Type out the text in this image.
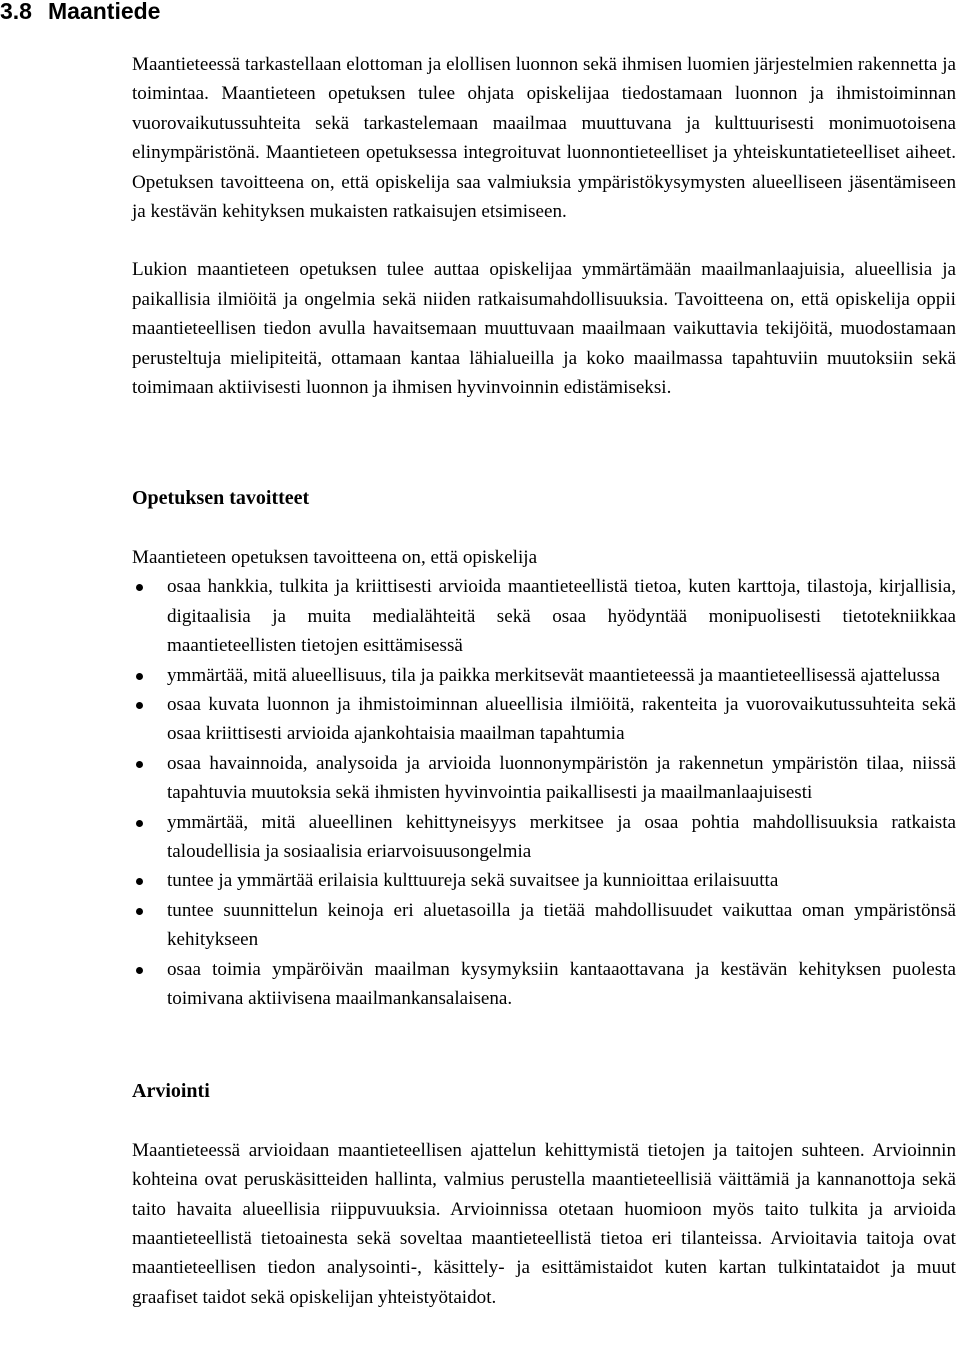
3.8 Maantiede

Maantieteessä tarkastellaan elottoman ja elollisen luonnon sekä ihmisen luomien järjestelmien rakennetta ja toimintaa. Maantieteen opetuksen tulee ohjata opiskelijaa tiedostamaan luonnon ja ihmistoiminnan vuorovaikutussuhteita sekä tarkastelemaan maailmaa muuttuvana ja kulttuurisesti monimuotoisena elinympäristönä. Maantieteen opetuksessa integroituvat luonnontieteelliset ja yhteiskuntatieteelliset aiheet. Opetuksen tavoitteena on, että opiskelija saa valmiuksia ympäristökysymysten alueelliseen jäsentämiseen ja kestävän kehityksen mukaisten ratkaisujen etsimiseen.

Lukion maantieteen opetuksen tulee auttaa opiskelijaa ymmärtämään maailmanlaajuisia, alueellisia ja paikallisia ilmiöitä ja ongelmia sekä niiden ratkaisumahdollisuuksia. Tavoitteena on, että opiskelija oppii maantieteellisen tiedon avulla havaitsemaan muuttuvaan maailmaan vaikuttavia tekijöitä, muodostamaan perusteltuja mielipiteitä, ottamaan kantaa lähialueilla ja koko maailmassa tapahtuviin muutoksiin sekä toimimaan aktiivisesti luonnon ja ihmisen hyvinvoinnin edistämiseksi.

Opetuksen tavoitteet

Maantieteen opetuksen tavoitteena on, että opiskelija

osaa hankkia, tulkita ja kriittisesti arvioida maantieteellistä tietoa, kuten karttoja, tilastoja, kirjallisia, digitaalisia ja muita medialähteitä sekä osaa hyödyntää monipuolisesti tietotekniikkaa maantieteellisten tietojen esittämisessä
ymmärtää, mitä alueellisuus, tila ja paikka merkitsevät maantieteessä ja maantieteellisessä ajattelussa
osaa kuvata luonnon ja ihmistoiminnan alueellisia ilmiöitä, rakenteita ja vuorovaikutussuhteita sekä osaa kriittisesti arvioida ajankohtaisia maailman tapahtumia
osaa havainnoida, analysoida ja arvioida luonnonympäristön ja rakennetun ympäristön tilaa, niissä tapahtuvia muutoksia sekä ihmisten hyvinvointia paikallisesti ja maailmanlaajuisesti
ymmärtää, mitä alueellinen kehittyneisyys merkitsee ja osaa pohtia mahdollisuuksia ratkaista taloudellisia ja sosiaalisia eriarvoisuusongelmia
tuntee ja ymmärtää erilaisia kulttuureja sekä suvaitsee ja kunnioittaa erilaisuutta
tuntee suunnittelun keinoja eri aluetasoilla ja tietää mahdollisuudet vaikuttaa oman ympäristönsä kehitykseen
osaa toimia ympäröivän maailman kysymyksiin kantaaottavana ja kestävän kehityksen puolesta toimivana aktiivisena maailmankansalaisena.
Arviointi

Maantieteessä arvioidaan maantieteellisen ajattelun kehittymistä tietojen ja taitojen suhteen. Arvioinnin kohteina ovat peruskäsitteiden hallinta, valmius perustella maantieteellisiä väittämiä ja kannanottoja sekä taito havaita alueellisia riippuvuuksia. Arvioinnissa otetaan huomioon myös taito tulkita ja arvioida maantieteellistä tietoainesta sekä soveltaa maantieteellistä tietoa eri tilanteissa. Arvioitavia taitoja ovat maantieteellisen tiedon analysointi-, käsittely- ja esittämistaidot kuten kartan tulkintataidot ja muut graafiset taidot sekä opiskelijan yhteistyötaidot.
